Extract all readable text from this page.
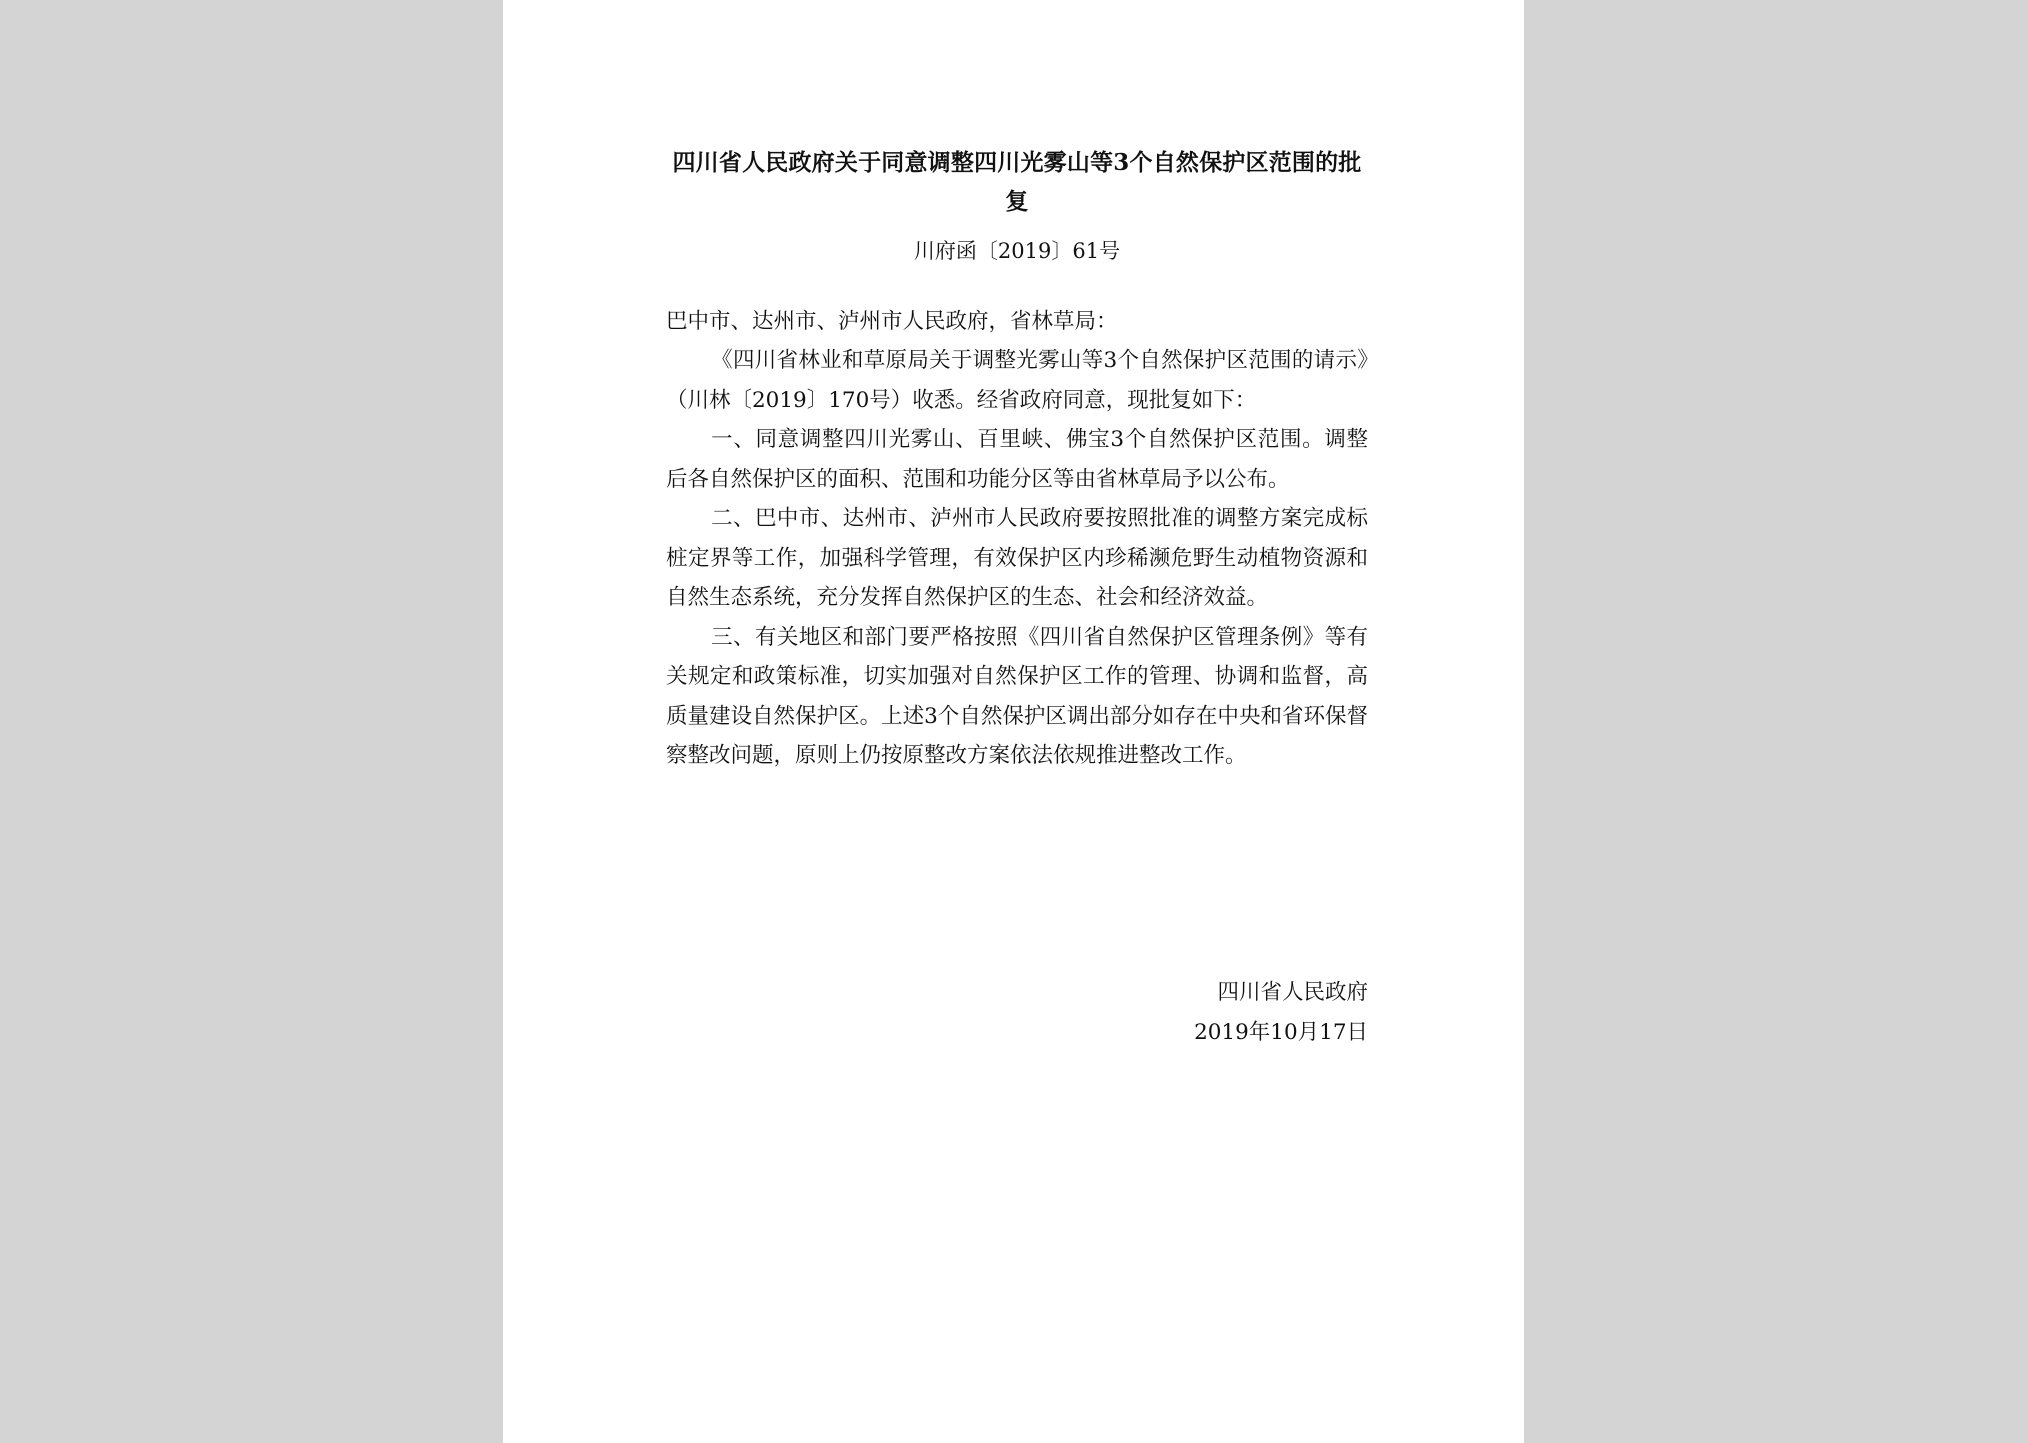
四川省人民政府关于同意调整四川光雾山等3个自然保护区范围的批复
川府函〔2019〕61号
巴中市、达州市、泸州市人民政府，省林草局：

《四川省林业和草原局关于调整光雾山等3个自然保护区范围的请示》（川林〔2019〕170号）收悉。经省政府同意，现批复如下：

一、同意调整四川光雾山、百里峡、佛宝3个自然保护区范围。调整后各自然保护区的面积、范围和功能分区等由省林草局予以公布。

二、巴中市、达州市、泸州市人民政府要按照批准的调整方案完成标桩定界等工作，加强科学管理，有效保护区内珍稀濒危野生动植物资源和自然生态系统，充分发挥自然保护区的生态、社会和经济效益。

三、有关地区和部门要严格按照《四川省自然保护区管理条例》等有关规定和政策标准，切实加强对自然保护区工作的管理、协调和监督，高质量建设自然保护区。上述3个自然保护区调出部分如存在中央和省环保督察整改问题，原则上仍按原整改方案依法依规推进整改工作。

四川省人民政府
2019年10月17日
